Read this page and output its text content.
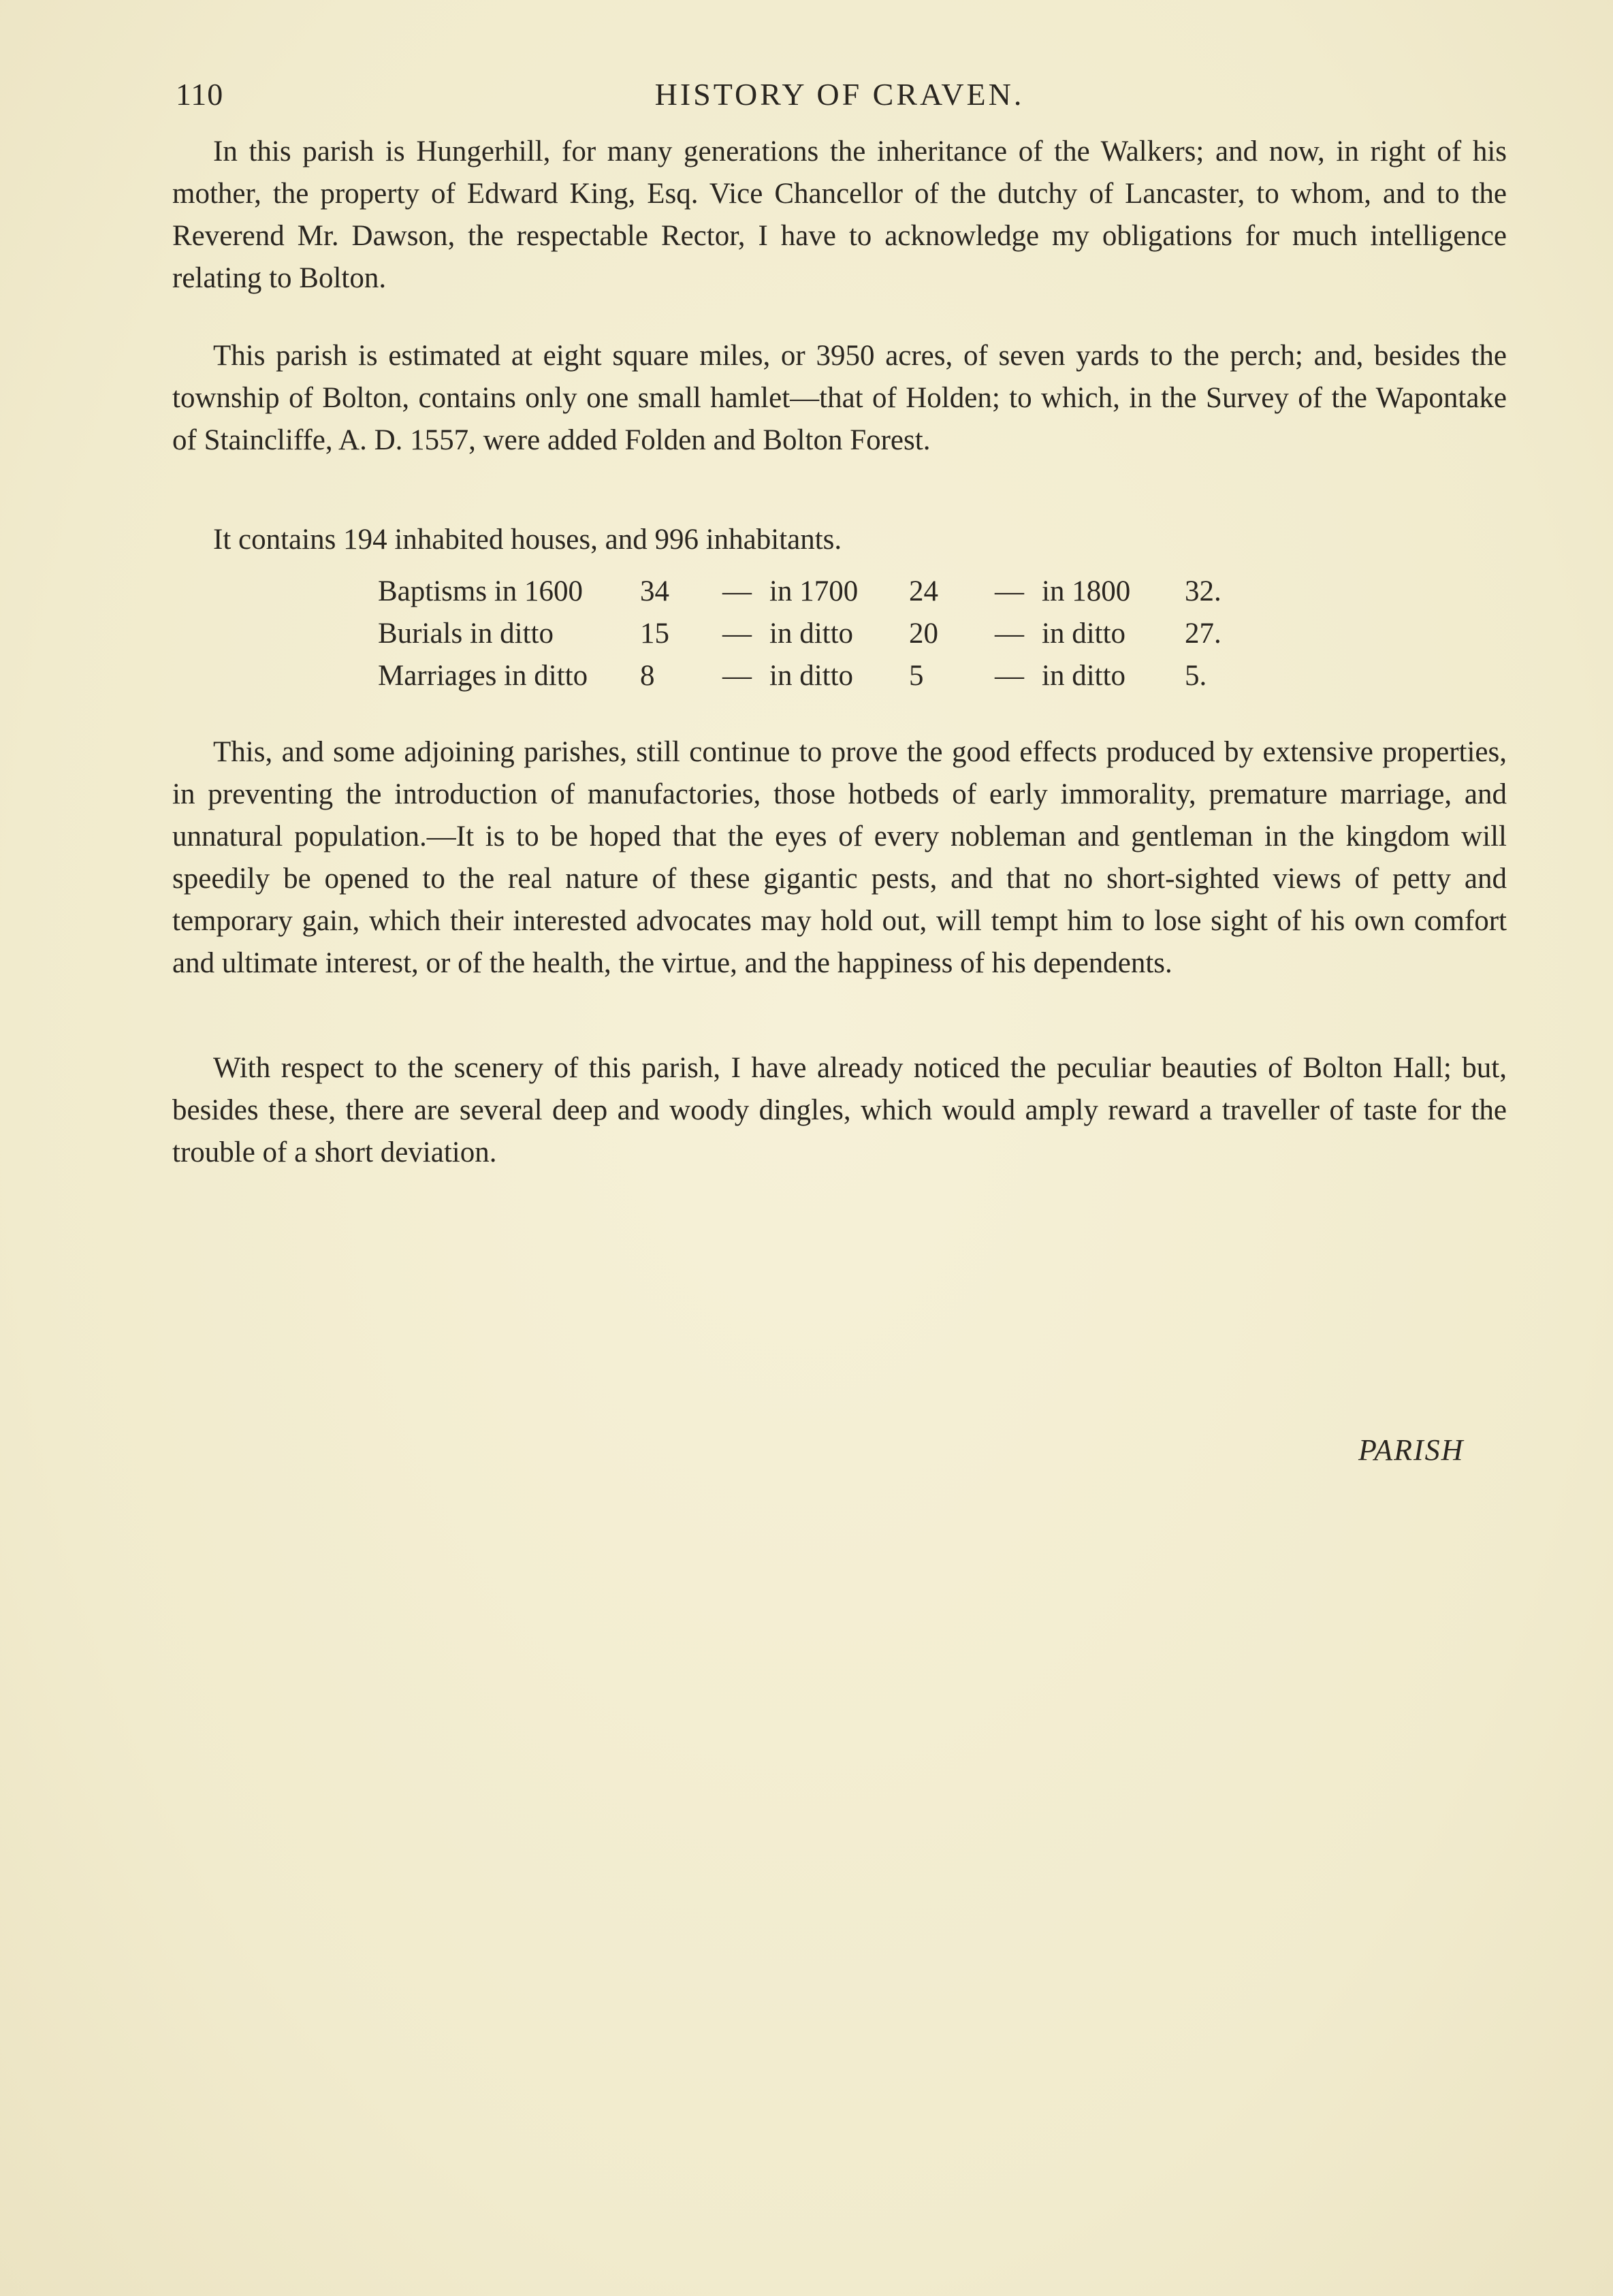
110	HISTORY OF CRAVEN.

In this parish is Hungerhill, for many generations the inheritance of the Walkers; and now, in right of his mother, the property of Edward King, Esq. Vice Chancellor of the dutchy of Lancaster, to whom, and to the Reverend Mr. Dawson, the respectable Rector, I have to acknowledge my obligations for much intelligence relating to Bolton.

This parish is estimated at eight square miles, or 3950 acres, of seven yards to the perch; and, besides the township of Bolton, contains only one small hamlet—that of Holden; to which, in the Survey of the Wapontake of Staincliffe, A. D. 1557, were added Folden and Bolton Forest.

It contains 194 inhabited houses, and 996 inhabitants.

Baptisms in 1600	34	—	in 1700	24	—	in 1800	32.
Burials in ditto	15	—	in ditto	20	—	in ditto	27.
Marriages in ditto	8	—	in ditto	5	—	in ditto	5.

This, and some adjoining parishes, still continue to prove the good effects produced by extensive properties, in preventing the introduction of manufactories, those hotbeds of early immorality, premature marriage, and unnatural population.—It is to be hoped that the eyes of every nobleman and gentleman in the kingdom will speedily be opened to the real nature of these gigantic pests, and that no short-sighted views of petty and temporary gain, which their interested advocates may hold out, will tempt him to lose sight of his own comfort and ultimate interest, or of the health, the virtue, and the happiness of his dependents.

With respect to the scenery of this parish, I have already noticed the peculiar beauties of Bolton Hall; but, besides these, there are several deep and woody dingles, which would amply reward a traveller of taste for the trouble of a short deviation.

PARISH
